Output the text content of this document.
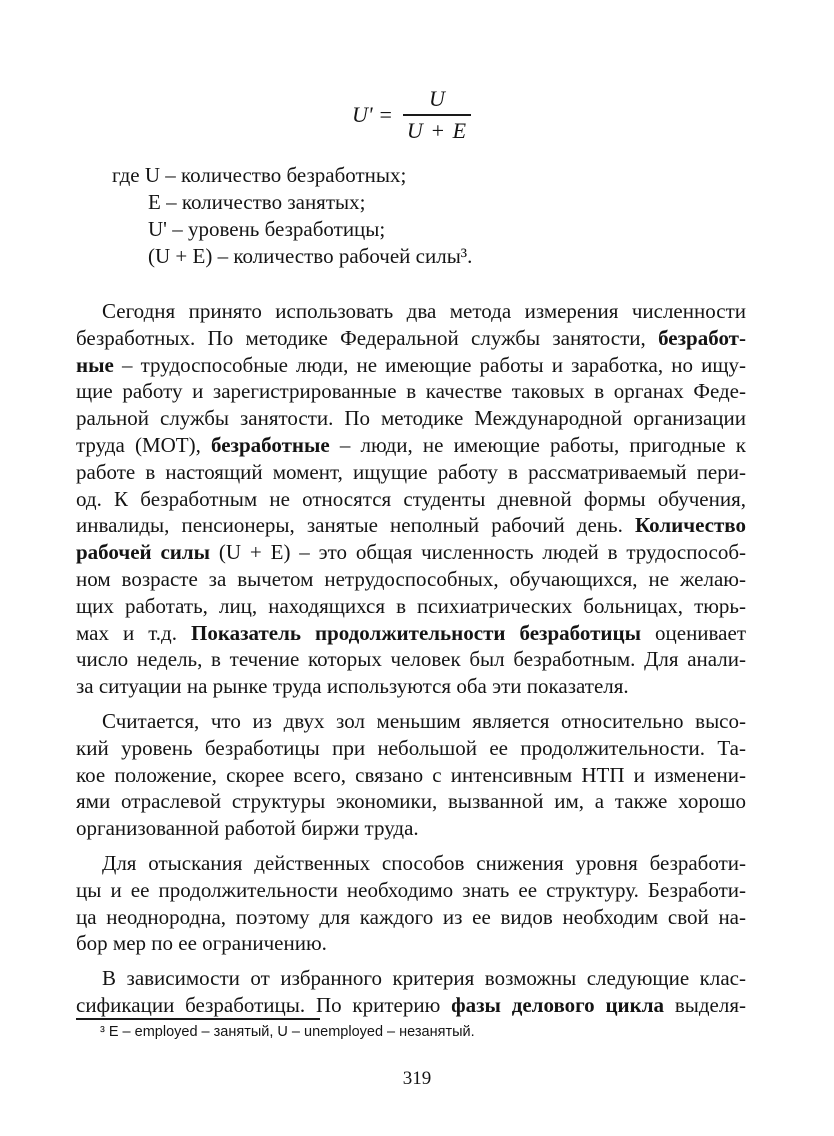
$U' = \frac{U}{U + E}$
где U – количество безработных;
E – количество занятых;
U' – уровень безработицы;
(U + E) – количество рабочей силы³.
Сегодня принято использовать два метода измерения численности
безработных. По методике Федеральной службы занятости, безработ-
ные – трудоспособные люди, не имеющие работы и заработка, но ищу-
щие работу и зарегистрированные в качестве таковых в органах Феде-
ральной службы занятости. По методике Международной организации
труда (МОТ), безработные – люди, не имеющие работы, пригодные к
работе в настоящий момент, ищущие работу в рассматриваемый пери-
од. К безработным не относятся студенты дневной формы обучения,
инвалиды, пенсионеры, занятые неполный рабочий день. Количество
рабочей силы (U + E) – это общая численность людей в трудоспособ-
ном возрасте за вычетом нетрудоспособных, обучающихся, не желаю-
щих работать, лиц, находящихся в психиатрических больницах, тюрь-
мах и т.д. Показатель продолжительности безработицы оценивает
число недель, в течение которых человек был безработным. Для анали-
за ситуации на рынке труда используются оба эти показателя.
Считается, что из двух зол меньшим является относительно высо-
кий уровень безработицы при небольшой ее продолжительности. Та-
кое положение, скорее всего, связано с интенсивным НТП и изменени-
ями отраслевой структуры экономики, вызванной им, а также хорошо
организованной работой биржи труда.
Для отыскания действенных способов снижения уровня безработи-
цы и ее продолжительности необходимо знать ее структуру. Безработи-
ца неоднородна, поэтому для каждого из ее видов необходим свой на-
бор мер по ее ограничению.
В зависимости от избранного критерия возможны следующие клас-
сификации безработицы. По критерию фазы делового цикла выделя-
³ E – employed – занятый, U – unemployed – незанятый.
319
